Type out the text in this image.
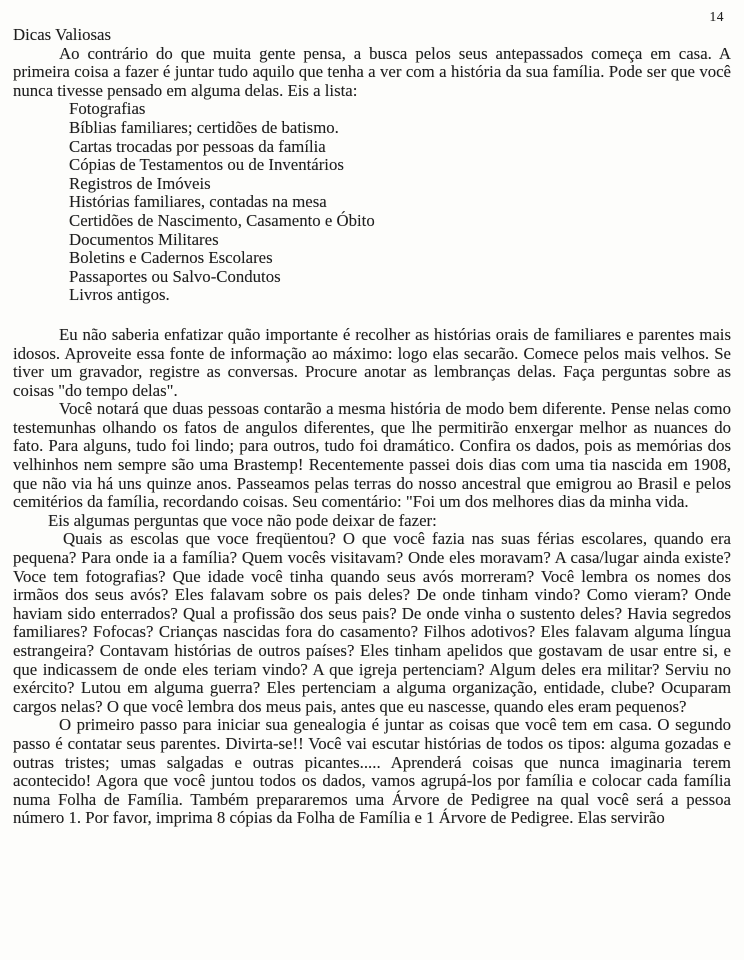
14
Dicas Valiosas

Ao contrário do que muita gente pensa, a busca pelos seus antepassados começa em casa. A primeira coisa a fazer é juntar tudo aquilo que tenha a ver com a história da sua família. Pode ser que você nunca tivesse pensado em alguma delas. Eis a lista:

Fotografias
Bíblias familiares; certidões de batismo.
Cartas trocadas por pessoas da família
Cópias de Testamentos ou de Inventários
Registros de Imóveis
Histórias familiares, contadas na mesa
Certidões de Nascimento, Casamento e Óbito
Documentos Militares
Boletins e Cadernos Escolares
Passaportes ou Salvo-Condutos
Livros antigos.

Eu não saberia enfatizar quão importante é recolher as histórias orais de familiares e parentes mais idosos. Aproveite essa fonte de informação ao máximo: logo elas secarão. Comece pelos mais velhos. Se tiver um gravador, registre as conversas. Procure anotar as lembranças delas. Faça perguntas sobre as coisas "do tempo delas".

Você notará que duas pessoas contarão a mesma história de modo bem diferente. Pense nelas como testemunhas olhando os fatos de angulos diferentes, que lhe permitirão enxergar melhor as nuances do fato. Para alguns, tudo foi lindo; para outros, tudo foi dramático. Confira os dados, pois as memórias dos velhinhos nem sempre são uma Brastemp! Recentemente passei dois dias com uma tia nascida em 1908, que não via há uns quinze anos. Passeamos pelas terras do nosso ancestral que emigrou ao Brasil e pelos cemitérios da família, recordando coisas. Seu comentário: "Foi um dos melhores dias da minha vida.

Eis algumas perguntas que voce não pode deixar de fazer:

Quais as escolas que voce freqüentou? O que você fazia nas suas férias escolares, quando era pequena? Para onde ia a família? Quem vocês visitavam? Onde eles moravam? A casa/lugar ainda existe? Voce tem fotografias? Que idade você tinha quando seus avós morreram? Você lembra os nomes dos irmãos dos seus avós? Eles falavam sobre os pais deles? De onde tinham vindo? Como vieram? Onde haviam sido enterrados? Qual a profissão dos seus pais? De onde vinha o sustento deles? Havia segredos familiares? Fofocas? Crianças nascidas fora do casamento? Filhos adotivos? Eles falavam alguma língua estrangeira? Contavam histórias de outros países? Eles tinham apelidos que gostavam de usar entre si, e que indicassem de onde eles teriam vindo? A que igreja pertenciam? Algum deles era militar? Serviu no exército? Lutou em alguma guerra? Eles pertenciam a alguma organização, entidade, clube? Ocuparam cargos nelas? O que você lembra dos meus pais, antes que eu nascesse, quando eles eram pequenos?

O primeiro passo para iniciar sua genealogia é juntar as coisas que você tem em casa. O segundo passo é contatar seus parentes. Divirta-se!! Você vai escutar histórias de todos os tipos: alguma gozadas e outras tristes; umas salgadas e outras picantes..... Aprenderá coisas que nunca imaginaria terem acontecido! Agora que você juntou todos os dados, vamos agrupá-los por família e colocar cada família numa Folha de Família. Também prepararemos uma Árvore de Pedigree na qual você será a pessoa número 1. Por favor, imprima 8 cópias da Folha de Família e 1 Árvore de Pedigree. Elas servirão
